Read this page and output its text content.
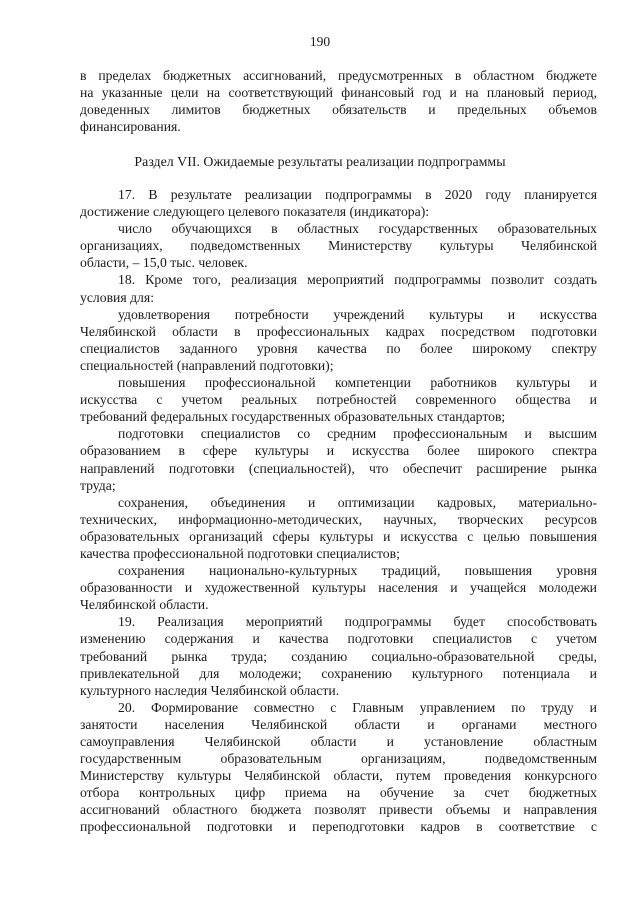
190
в пределах бюджетных ассигнований, предусмотренных в областном бюджете
на указанные цели на соответствующий финансовый год и на плановый период,
доведенных лимитов бюджетных обязательств и предельных объемов
финансирования.
Раздел VII. Ожидаемые результаты реализации подпрограммы
17. В результате реализации подпрограммы в 2020 году планируется
достижение следующего целевого показателя (индикатора):
число обучающихся в областных государственных образовательных
организациях, подведомственных Министерству культуры Челябинской
области, – 15,0 тыс. человек.
18. Кроме того, реализация мероприятий подпрограммы позволит создать
условия для:
удовлетворения потребности учреждений культуры и искусства
Челябинской области в профессиональных кадрах посредством подготовки
специалистов заданного уровня качества по более широкому спектру
специальностей (направлений подготовки);
повышения профессиональной компетенции работников культуры и
искусства с учетом реальных потребностей современного общества и
требований федеральных государственных образовательных стандартов;
подготовки специалистов со средним профессиональным и высшим
образованием в сфере культуры и искусства более широкого спектра
направлений подготовки (специальностей), что обеспечит расширение рынка
труда;
сохранения, объединения и оптимизации кадровых, материально-
технических, информационно-методических, научных, творческих ресурсов
образовательных организаций сферы культуры и искусства с целью повышения
качества профессиональной подготовки специалистов;
сохранения национально-культурных традиций, повышения уровня
образованности и художественной культуры населения и учащейся молодежи
Челябинской области.
19. Реализация мероприятий подпрограммы будет способствовать
изменению содержания и качества подготовки специалистов с учетом
требований рынка труда; созданию социально-образовательной среды,
привлекательной для молодежи; сохранению культурного потенциала и
культурного наследия Челябинской области.
20. Формирование совместно с Главным управлением по труду и
занятости населения Челябинской области и органами местного
самоуправления Челябинской области и установление областным
государственным образовательным организациям, подведомственным
Министерству культуры Челябинской области, путем проведения конкурсного
отбора контрольных цифр приема на обучение за счет бюджетных
ассигнований областного бюджета позволят привести объемы и направления
профессиональной подготовки и переподготовки кадров в соответствие с
